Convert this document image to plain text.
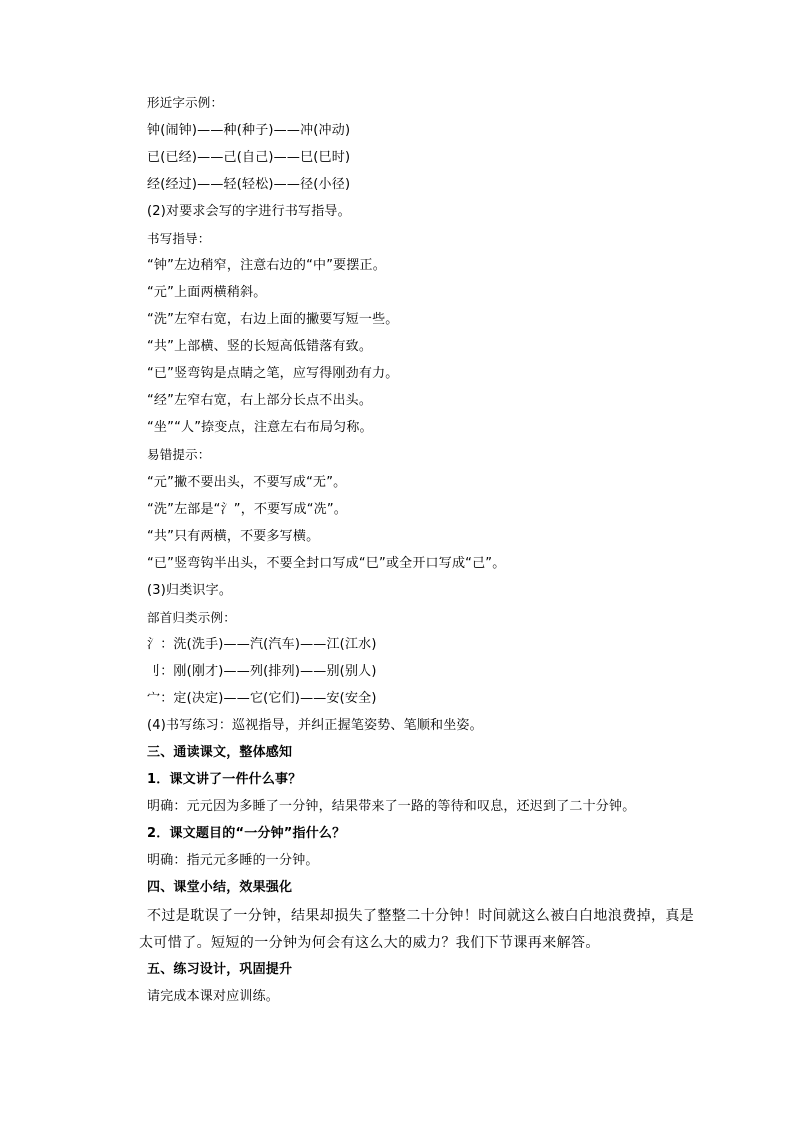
形近字示例：
钟(闹钟)——种(种子)——冲(冲动)
已(已经)——己(自己)——巳(巳时)
经(经过)——轻(轻松)——径(小径)
(2)对要求会写的字进行书写指导。
书写指导：
“钟”左边稍窄，注意右边的“中”要摆正。
“元”上面两横稍斜。
“洗”左窄右宽，右边上面的撇要写短一些。
“共”上部横、竖的长短高低错落有致。
“已”竖弯钩是点睛之笔，应写得刚劲有力。
“经”左窄右宽，右上部分长点不出头。
“坐”“人”捺变点，注意左右布局匀称。
易错提示：
“元”撇不要出头，不要写成“无”。
“洗”左部是“氵”，不要写成“冼”。
“共”只有两横，不要多写横。
“已”竖弯钩半出头，不要全封口写成“巳”或全开口写成“己”。
(3)归类识字。
部首归类示例：
氵：洗(洗手)——汽(汽车)——江(江水)
刂：刚(刚才)——列(排列)——别(别人)
宀：定(决定)——它(它们)——安(安全)
(4)书写练习：巡视指导，并纠正握笔姿势、笔顺和坐姿。
三、通读课文，整体感知
1．课文讲了一件什么事？
明确：元元因为多睡了一分钟，结果带来了一路的等待和叹息，还迟到了二十分钟。
2．课文题目的“一分钟”指什么？
明确：指元元多睡的一分钟。
四、课堂小结，效果强化
不过是耽误了一分钟，结果却损失了整整二十分钟！时间就这么被白白地浪费掉，真是
太可惜了。短短的一分钟为何会有这么大的威力？我们下节课再来解答。
五、练习设计，巩固提升
请完成本课对应训练。
